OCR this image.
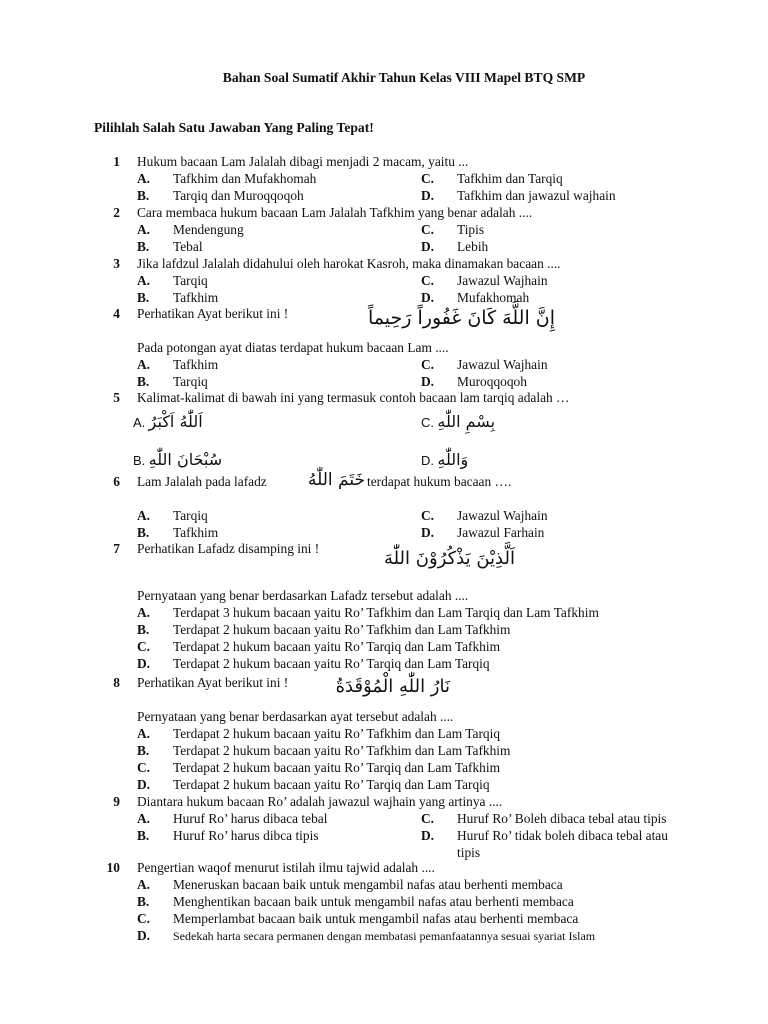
Bahan Soal Sumatif Akhir Tahun Kelas VIII Mapel BTQ SMP
Pilihlah Salah Satu Jawaban Yang Paling Tepat!
1 Hukum bacaan Lam Jalalah dibagi menjadi 2 macam, yaitu ...
A. Tafkhim dan Mufakhomah	C. Tafkhim dan Tarqiq
B. Tarqiq dan Muroqqoqoh	D. Tafkhim dan jawazul wajhain
2 Cara membaca hukum bacaan Lam Jalalah Tafkhim yang benar adalah ....
A. Mendengung	C. Tipis
B. Tebal	D. Lebih
3 Jika lafdzul Jalalah didahului oleh harokat Kasroh, maka dinamakan bacaan ....
A. Tarqiq	C. Jawazul Wajhain
B. Tafkhim	D. Mufakhomah
4 Perhatikan Ayat berikut ini !	إِنَّ اللَّهَ كَانَ غَفُوراً رَحِيماً
Pada potongan ayat diatas terdapat hukum bacaan Lam ....
A. Tafkhim	C. Jawazul Wajhain
B. Tarqiq	D. Muroqqoqoh
5 Kalimat-kalimat di bawah ini yang termasuk contoh bacaan lam tarqiq adalah …
A. اَللّٰهُ اَكْبَرُ	C. بِسْمِ اللّٰهِ
B. سُبْحَانَ اللّٰهِ	D. وَاللّٰهِ
6 Lam Jalalah pada lafadz	خَتَمَ اللّٰهُ terdapat hukum bacaan ….
A. Tarqiq	C. Jawazul Wajhain
B. Tafkhim	D. Jawazul Farhain
7 Perhatikan Lafadz disamping ini !	اَلَّذِيْنَ يَذْكُرُوْنَ اللّٰهَ
Pernyataan yang benar berdasarkan Lafadz tersebut adalah ....
A. Terdapat 3 hukum bacaan yaitu Ro’ Tafkhim dan Lam Tarqiq dan Lam Tafkhim
B. Terdapat 2 hukum bacaan yaitu Ro’ Tafkhim dan Lam Tafkhim
C. Terdapat 2 hukum bacaan yaitu Ro’ Tarqiq dan Lam Tafkhim
D. Terdapat 2 hukum bacaan yaitu Ro’ Tarqiq dan Lam Tarqiq
8 Perhatikan Ayat berikut ini !	نَارُ اللّٰهِ الْمُوْقَدَةُ
Pernyataan yang benar berdasarkan ayat tersebut adalah ....
A. Terdapat 2 hukum bacaan yaitu Ro’ Tafkhim dan Lam Tarqiq
B. Terdapat 2 hukum bacaan yaitu Ro’ Tafkhim dan Lam Tafkhim
C. Terdapat 2 hukum bacaan yaitu Ro’ Tarqiq dan Lam Tafkhim
D. Terdapat 2 hukum bacaan yaitu Ro’ Tarqiq dan Lam Tarqiq
9 Diantara hukum bacaan Ro’ adalah jawazul wajhain yang artinya ....
A. Huruf Ro’ harus dibaca tebal	C. Huruf Ro’ Boleh dibaca tebal atau tipis
B. Huruf Ro’ harus dibca tipis	D. Huruf Ro’ tidak boleh dibaca tebal atau
tipis
10 Pengertian waqof menurut istilah ilmu tajwid adalah ....
A. Meneruskan bacaan baik untuk mengambil nafas atau berhenti membaca
B. Menghentikan bacaan baik untuk mengambil nafas atau berhenti membaca
C. Memperlambat bacaan baik untuk mengambil nafas atau berhenti membaca
D. Sedekah harta secara permanen dengan membatasi pemanfaatannya sesuai syariat Islam
